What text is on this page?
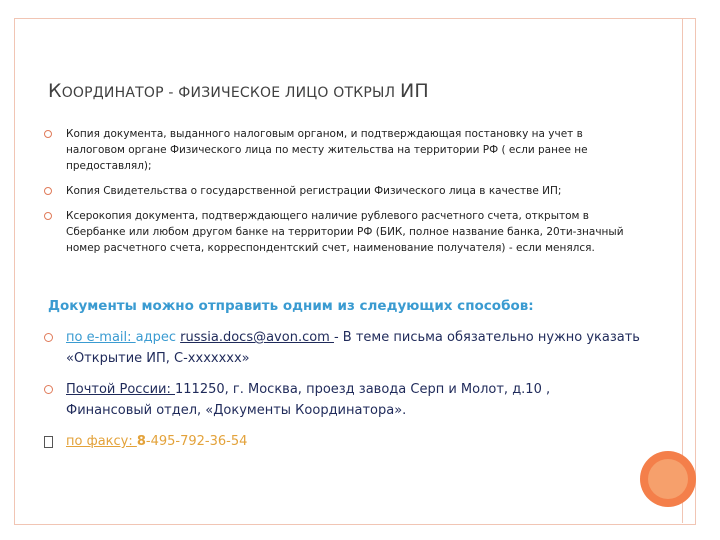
КООРДИНАТОР - ФИЗИЧЕСКОЕ ЛИЦО ОТКРЫЛ ИП
Копия документа, выданного налоговым органом, и подтверждающая постановку на учет в налоговом органе Физического лица по месту жительства на территории РФ ( если ранее не предоставлял);
Копия Свидетельства о государственной регистрации Физического лица в качестве ИП;
Ксерокопия документа, подтверждающего наличие рублевого расчетного счета, открытом в Сбербанке или любом другом банке на территории РФ (БИК, полное название банка, 20ти-значный номер расчетного счета, корреспондентский счет, наименование получателя) - если менялся.
Документы можно отправить одним из следующих способов:
по e-mail: адрес russia.docs@avon.com - В теме письма обязательно нужно указать «Открытие ИП, С-xxxxxxx»
Почтой России: 111250, г. Москва, проезд завода Серп и Молот, д.10 , Финансовый отдел, «Документы Координатора».
по факсу: 8-495-792-36-54
